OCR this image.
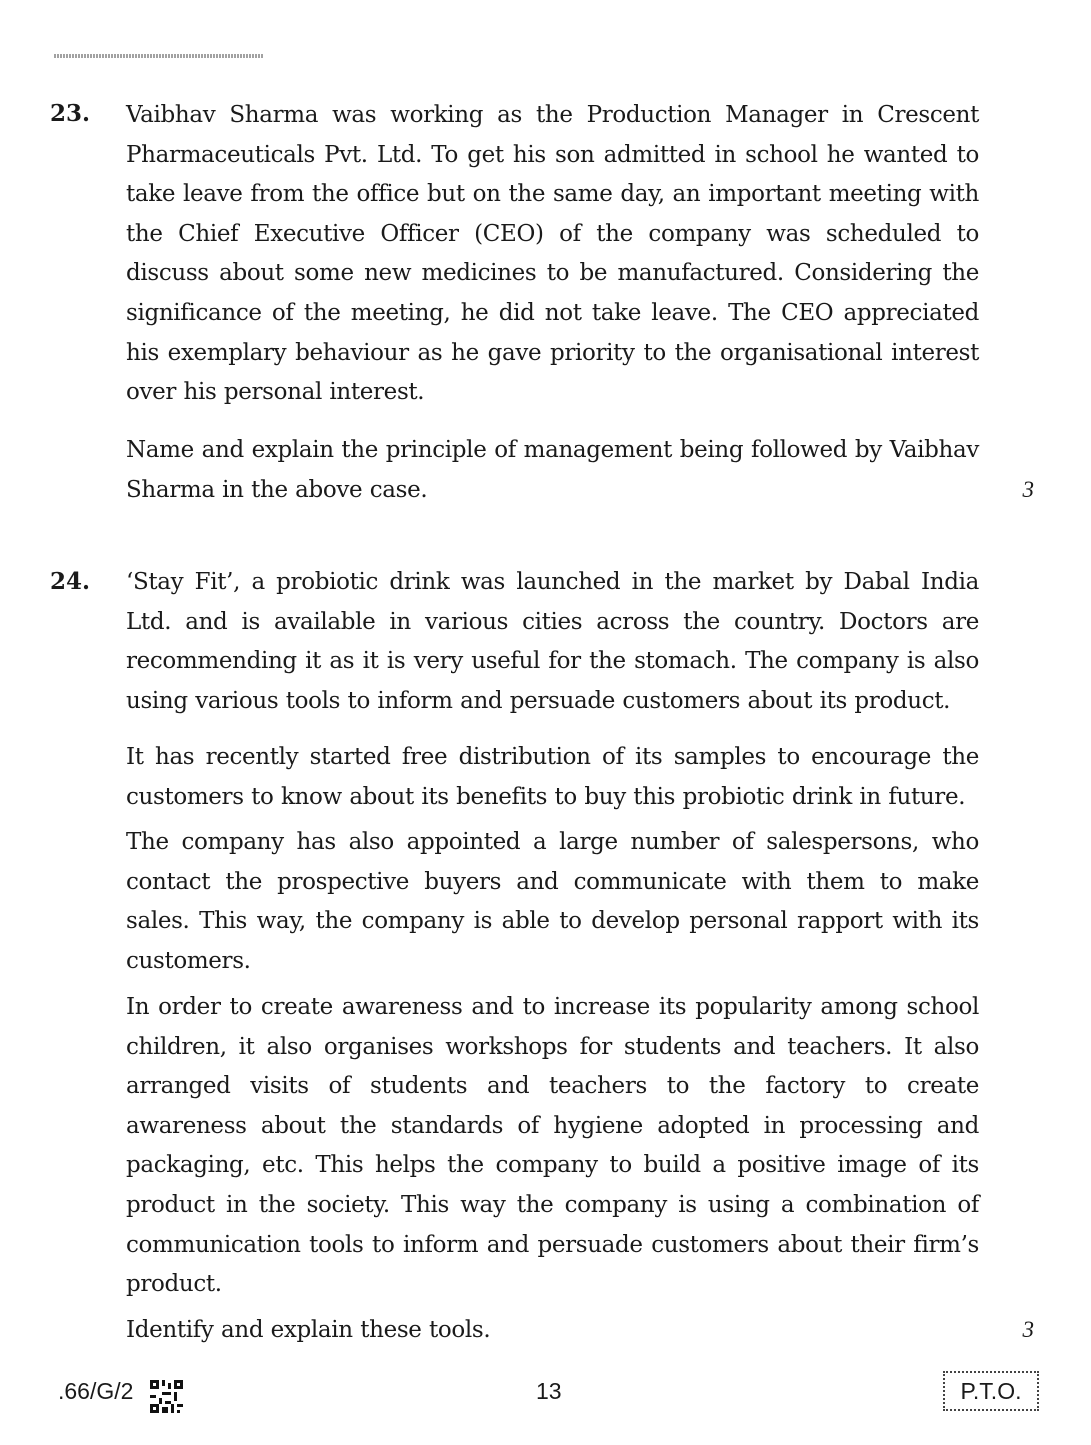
23. Vaibhav Sharma was working as the Production Manager in Crescent Pharmaceuticals Pvt. Ltd. To get his son admitted in school he wanted to take leave from the office but on the same day, an important meeting with the Chief Executive Officer (CEO) of the company was scheduled to discuss about some new medicines to be manufactured. Considering the significance of the meeting, he did not take leave. The CEO appreciated his exemplary behaviour as he gave priority to the organisational interest over his personal interest.

Name and explain the principle of management being followed by Vaibhav Sharma in the above case.	3
24. ‘Stay Fit’, a probiotic drink was launched in the market by Dabal India Ltd. and is available in various cities across the country. Doctors are recommending it as it is very useful for the stomach. The company is also using various tools to inform and persuade customers about its product.

It has recently started free distribution of its samples to encourage the customers to know about its benefits to buy this probiotic drink in future.

The company has also appointed a large number of salespersons, who contact the prospective buyers and communicate with them to make sales. This way, the company is able to develop personal rapport with its customers.

In order to create awareness and to increase its popularity among school children, it also organises workshops for students and teachers. It also arranged visits of students and teachers to the factory to create awareness about the standards of hygiene adopted in processing and packaging, etc. This helps the company to build a positive image of its product in the society. This way the company is using a combination of communication tools to inform and persuade customers about their firm’s product.

Identify and explain these tools.	3
.66/G/2	13	P.T.O.
